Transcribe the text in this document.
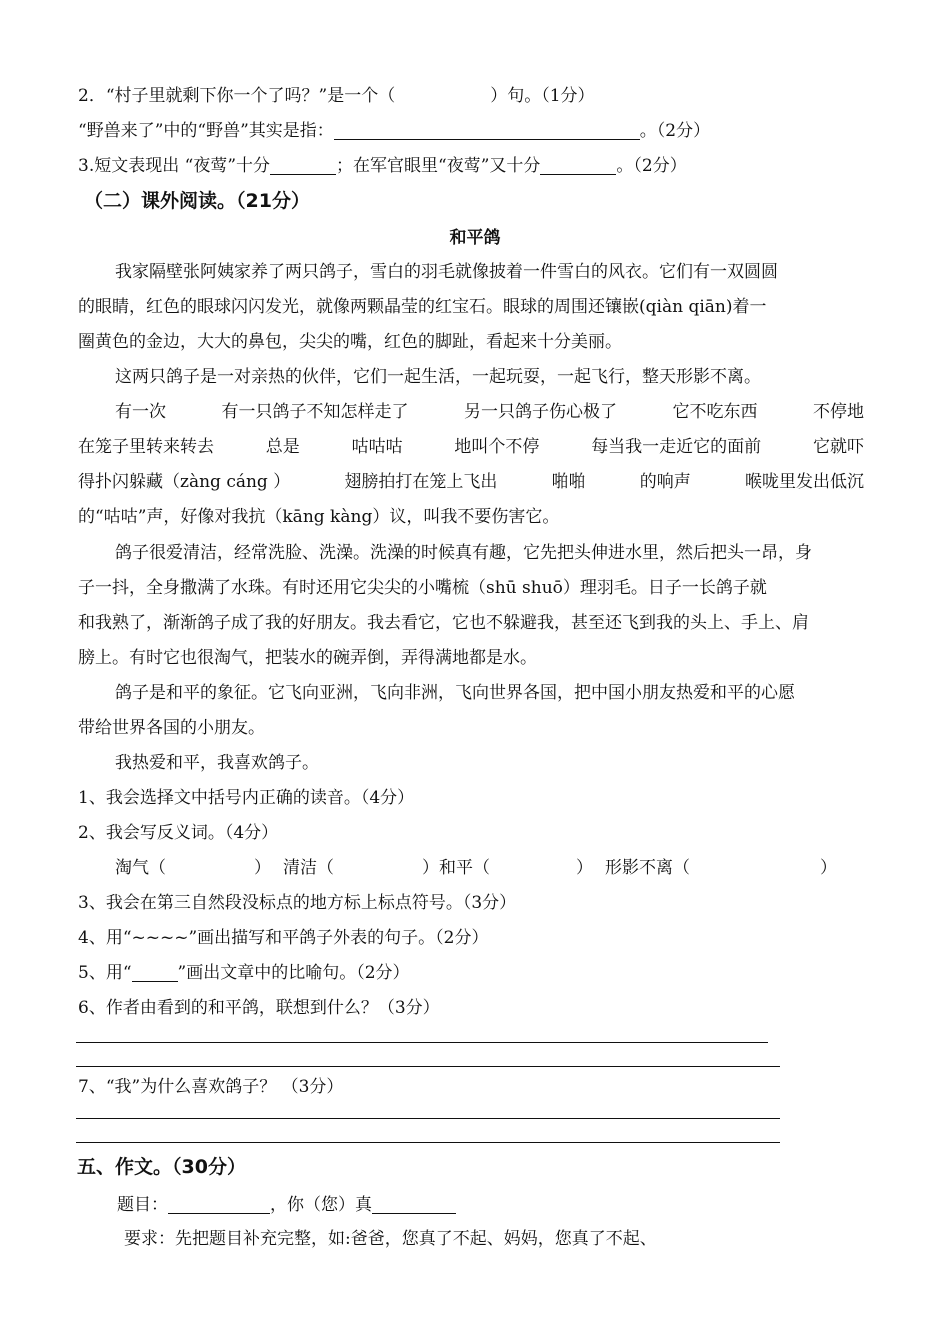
2．“村子里就剩下你一个了吗？”是一个（	）句。（1分）
“野兽来了”中的“野兽”其实是指：	。（2分）
3.短文表现出 “夜莺”十分	；在军官眼里“夜莺”又十分	。（2分）
（二）课外阅读。（21分）
和平鸽
我家隔壁张阿姨家养了两只鸽子，雪白的羽毛就像披着一件雪白的风衣。它们有一双圆圆
的眼睛，红色的眼球闪闪发光，就像两颗晶莹的红宝石。眼球的周围还镶嵌(qiàn qiān)着一
圈黄色的金边，大大的鼻包，尖尖的嘴，红色的脚趾，看起来十分美丽。
这两只鸽子是一对亲热的伙伴，它们一起生活，一起玩耍，一起飞行，整天形影不离。
有一次	有一只鸽子不知怎样走了	另一只鸽子伤心极了	它不吃东西	不停地
在笼子里转来转去	总是	咕咕咕	地叫个不停	每当我一走近它的面前	它就吓
得扑闪躲藏（zàng cáng ）	翅膀拍打在笼上飞出	啪啪	的响声	喉咙里发出低沉
的“咕咕”声，好像对我抗（kāng kàng）议，叫我不要伤害它。
鸽子很爱清洁，经常洗脸、洗澡。洗澡的时候真有趣，它先把头伸进水里，然后把头一昂，身
子一抖，全身撒满了水珠。有时还用它尖尖的小嘴梳（shū shuō）理羽毛。日子一长鸽子就
和我熟了，渐渐鸽子成了我的好朋友。我去看它，它也不躲避我，甚至还飞到我的头上、手上、肩
膀上。有时它也很淘气，把装水的碗弄倒，弄得满地都是水。
鸽子是和平的象征。它飞向亚洲，飞向非洲，飞向世界各国，把中国小朋友热爱和平的心愿
带给世界各国的小朋友。
我热爱和平，我喜欢鸽子。
1、我会选择文中括号内正确的读音。（4分）
2、我会写反义词。（4分）
淘气（	） 清洁（	）和平（	） 形影不离（	）
3、我会在第三自然段没标点的地方标上标点符号。（3分）
4、用“~~~~”画出描写和平鸽子外表的句子。（2分）
5、用“	”画出文章中的比喻句。（2分）
6、作者由看到的和平鸽，联想到什么？（3分）
7、“我”为什么喜欢鸽子？ （3分）
五、作文。（30分）
题目：	，你（您）真
要求：先把题目补充完整，如:爸爸，您真了不起、妈妈，您真了不起、
